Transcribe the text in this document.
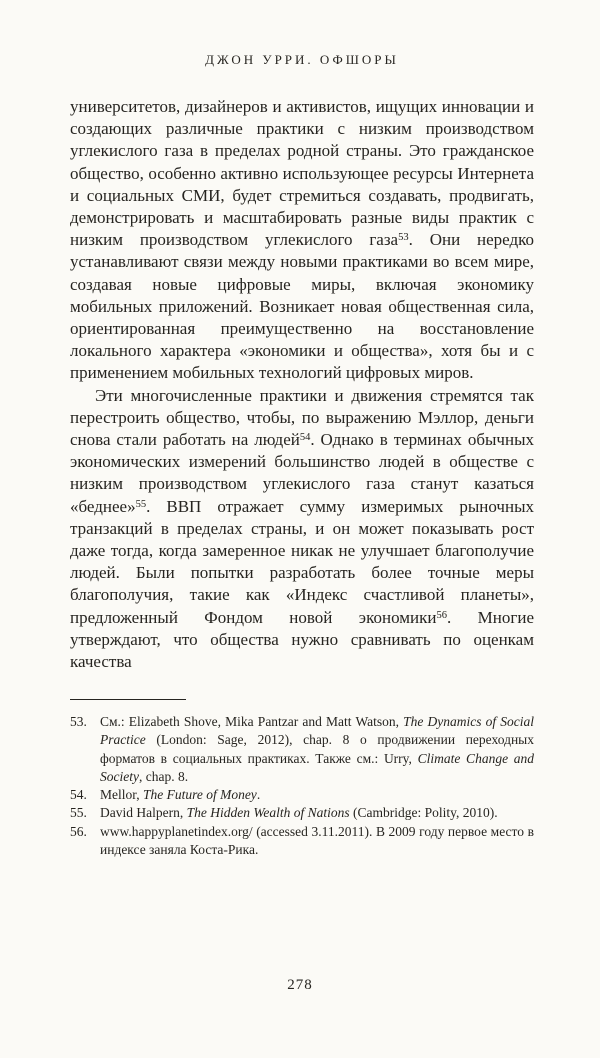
ДЖОН УРРИ. ОФШОРЫ

университетов, дизайнеров и активистов, ищущих инновации и создающих различные практики с низким производством углекислого газа в пределах родной страны. Это гражданское общество, особенно активно использующее ресурсы Интернета и социальных СМИ, будет стремиться создавать, продвигать, демонстрировать и масштабировать разные виды практик с низким производством углекислого газа$^{53}$. Они нередко устанавливают связи между новыми практиками во всем мире, создавая новые цифровые миры, включая экономику мобильных приложений. Возникает новая общественная сила, ориентированная преимущественно на восстановление локального характера «экономики и общества», хотя бы и с применением мобильных технологий цифровых миров.

Эти многочисленные практики и движения стремятся так перестроить общество, чтобы, по выражению Мэллор, деньги снова стали работать на людей$^{54}$. Однако в терминах обычных экономических измерений большинство людей в обществе с низким производством углекислого газа станут казаться «беднее»$^{55}$. ВВП отражает сумму измеримых рыночных транзакций в пределах страны, и он может показывать рост даже тогда, когда замеренное никак не улучшает благополучие людей. Были попытки разработать более точные меры благополучия, такие как «Индекс счастливой планеты», предложенный Фондом новой экономики$^{56}$. Многие утверждают, что общества нужно сравнивать по оценкам качества

53. См.: Elizabeth Shove, Mika Pantzar and Matt Watson, The Dynamics of Social Practice (London: Sage, 2012), chap. 8 о продвижении переходных форматов в социальных практиках. Также см.: Urry, Climate Change and Society, chap. 8.
54. Mellor, The Future of Money.
55. David Halpern, The Hidden Wealth of Nations (Cambridge: Polity, 2010).
56. www.happyplanetindex.org/ (accessed 3.11.2011). В 2009 году первое место в индексе заняла Коста-Рика.
278
